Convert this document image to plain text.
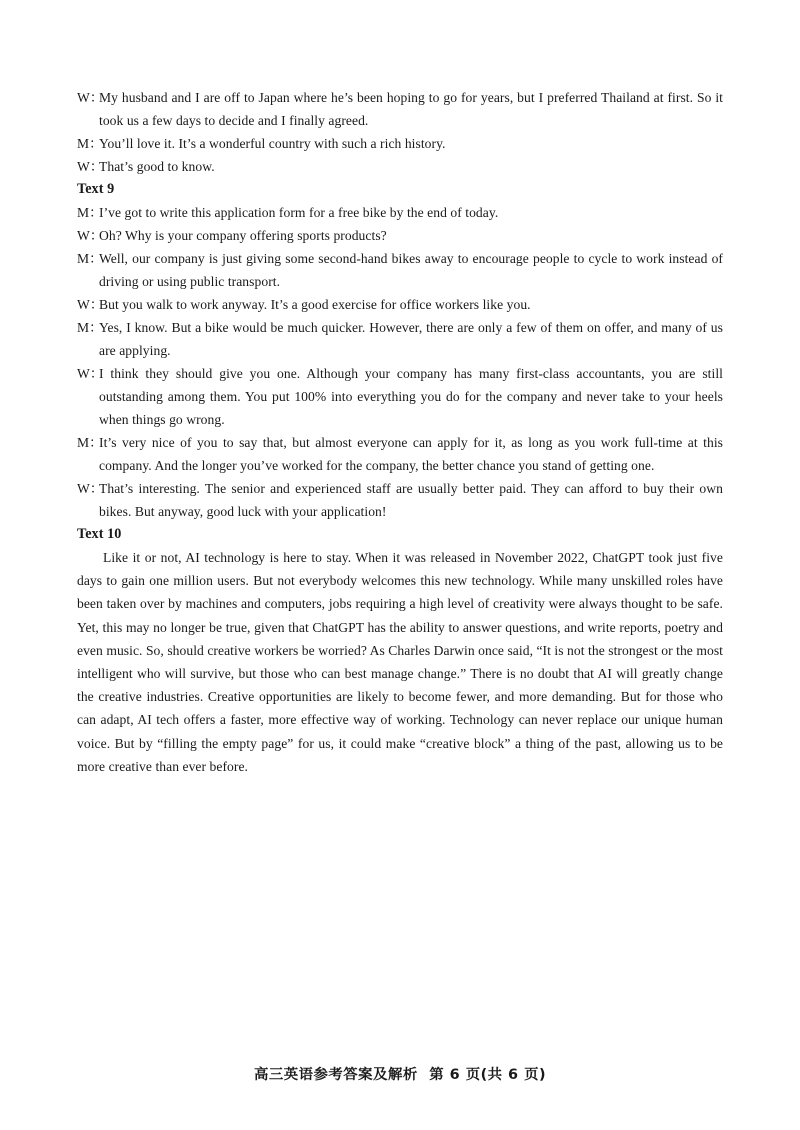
W：
My husband and I are off to Japan where he’s been hoping to go for years, but I preferred Thailand at first. So it took us a few days to decide and I finally agreed.
M：
You’ll love it. It’s a wonderful country with such a rich history.
W：
That’s good to know.

Text 9

M：
I’ve got to write this application form for a free bike by the end of today.
W：
Oh? Why is your company offering sports products?
M：
Well, our company is just giving some second-hand bikes away to encourage people to cycle to work instead of driving or using public transport.
W：
But you walk to work anyway. It’s a good exercise for office workers like you.
M：
Yes, I know. But a bike would be much quicker. However, there are only a few of them on offer, and many of us are applying.
W：
I think they should give you one. Although your company has many first-class accountants, you are still outstanding among them. You put 100% into everything you do for the company and never take to your heels when things go wrong.
M：
It’s very nice of you to say that, but almost everyone can apply for it, as long as you work full-time at this company. And the longer you’ve worked for the company, the better chance you stand of getting one.
W：
That’s interesting. The senior and experienced staff are usually better paid. They can afford to buy their own bikes. But anyway, good luck with your application!

Text 10

Like it or not, AI technology is here to stay. When it was released in November 2022, ChatGPT took just five days to gain one million users. But not everybody welcomes this new technology. While many unskilled roles have been taken over by machines and computers, jobs requiring a high level of creativity were always thought to be safe. Yet, this may no longer be true, given that ChatGPT has the ability to answer questions, and write reports, poetry and even music. So, should creative workers be worried? As Charles Darwin once said, “It is not the strongest or the most intelligent who will survive, but those who can best manage change.” There is no doubt that AI will greatly change the creative industries. Creative opportunities are likely to become fewer, and more demanding. But for those who can adapt, AI tech offers a faster, more effective way of working. Technology can never replace our unique human voice. But by “filling the empty page” for us, it could make “creative block” a thing of the past, allowing us to be more creative than ever before.

高三英语参考答案及解析 第 6 页(共 6 页)
